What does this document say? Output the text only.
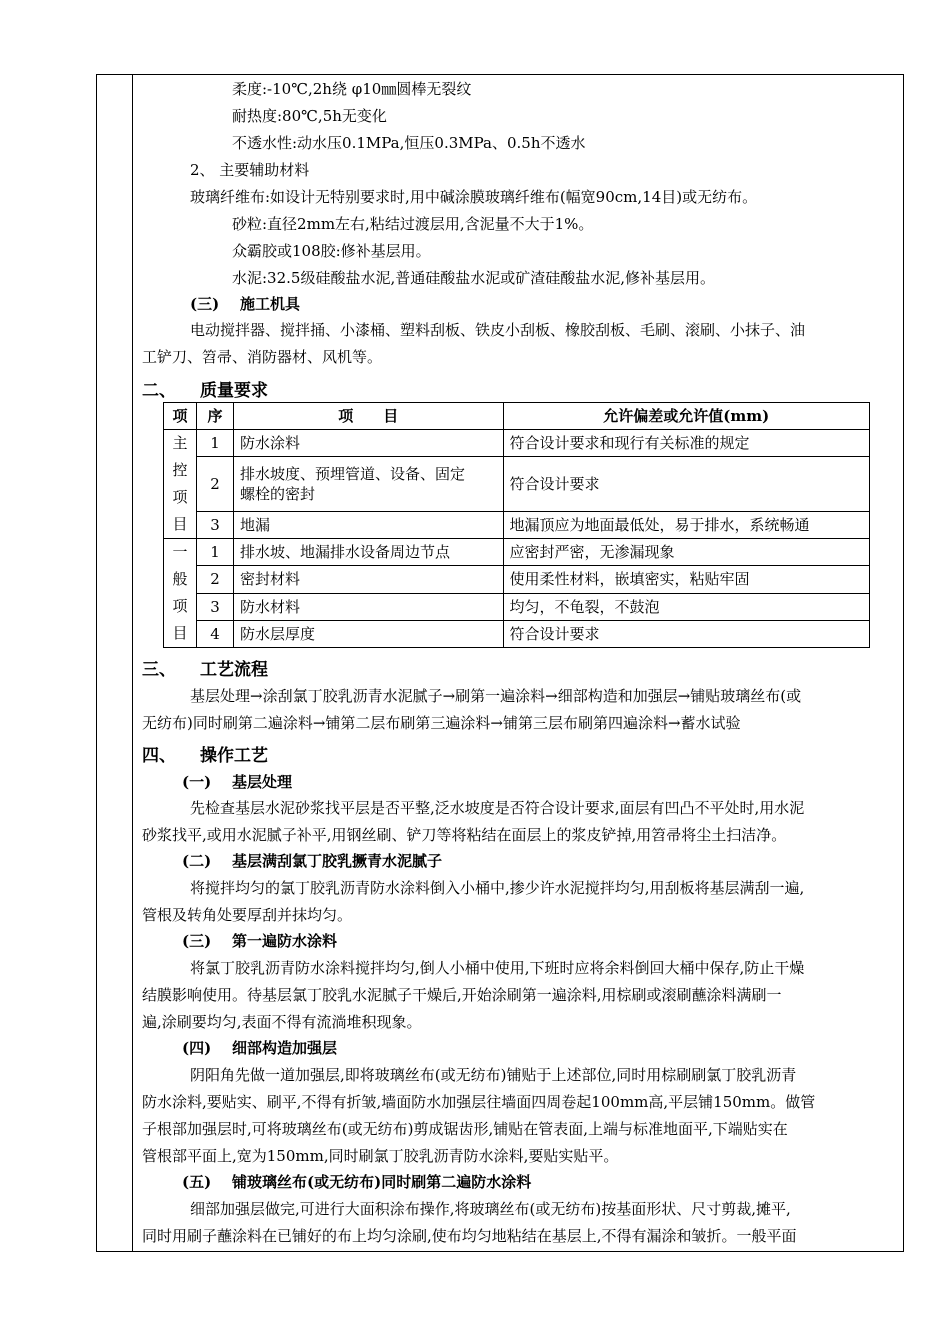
柔度:-10℃,2h绕 φ10㎜圆棒无裂纹
耐热度:80℃,5h无变化
不透水性:动水压0.1MPa,恒压0.3MPa、0.5h不透水
2、 主要辅助材料
玻璃纤维布:如设计无特别要求时,用中碱涂膜玻璃纤维布(幅宽90cm,14目)或无纺布。
砂粒:直径2mm左右,粘结过渡层用,含泥量不大于1%。
众霸胶或108胶:修补基层用。
水泥:32.5级硅酸盐水泥,普通硅酸盐水泥或矿渣硅酸盐水泥,修补基层用。
(三) 施工机具
电动搅拌器、搅拌捅、小漆桶、塑料刮板、铁皮小刮板、橡胶刮板、毛刷、滚刷、小抹子、油
工铲刀、笤帚、消防器材、风机等。
二、 质量要求
项	序	项　　目	允许偏差或允许值(mm)

主
控
项
目	1	防水涂料	符合设计要求和现行有关标准的规定
	2	排水坡度、预埋管道、设备、固定
螺栓的密封	符合设计要求
	3	地漏	地漏顶应为地面最低处，易于排水，系统畅通

一
般
项
目	1	排水坡、地漏排水设备周边节点	应密封严密，无渗漏现象
	2	密封材料	使用柔性材料，嵌填密实，粘贴牢固
	3	防水材料	均匀，不龟裂，不鼓泡
	4	防水层厚度	符合设计要求
三、 工艺流程
基层处理→涂刮氯丁胶乳沥青水泥腻子→刷第一遍涂料→细部构造和加强层→铺贴玻璃丝布(或
无纺布)同时刷第二遍涂料→铺第二层布刷第三遍涂料→铺第三层布刷第四遍涂料→蓄水试验
四、 操作工艺
(一) 基层处理
先检查基层水泥砂浆找平层是否平整,泛水坡度是否符合设计要求,面层有凹凸不平处时,用水泥
砂浆找平,或用水泥腻子补平,用钢丝刷、铲刀等将粘结在面层上的浆皮铲掉,用笤帚将尘土扫洁净。
(二) 基层满刮氯丁胶乳撅青水泥腻子
将搅拌均匀的氯丁胶乳沥青防水涂料倒入小桶中,掺少许水泥搅拌均匀,用刮板将基层满刮一遍,
管根及转角处要厚刮并抹均匀。
(三) 第一遍防水涂料
将氯丁胶乳沥青防水涂料搅拌均匀,倒人小桶中使用,下班时应将余料倒回大桶中保存,防止干燥
结膜影响使用。待基层氯丁胶乳水泥腻子干燥后,开始涂刷第一遍涂料,用棕刷或滚刷蘸涂料满刷一
遍,涂刷要均匀,表面不得有流淌堆积现象。
(四) 细部构造加强层
阴阳角先做一道加强层,即将玻璃丝布(或无纺布)铺贴于上述部位,同时用棕刷刷氯丁胶乳沥青
防水涂料,要贴实、刷平,不得有折皱,墙面防水加强层往墙面四周卷起100mm高,平层铺150mm。做管
子根部加强层时,可将玻璃丝布(或无纺布)剪成锯齿形,铺贴在管表面,上端与标准地面平,下端贴实在
管根部平面上,宽为150mm,同时刷氯丁胶乳沥青防水涂料,要贴实贴平。
(五) 铺玻璃丝布(或无纺布)同时刷第二遍防水涂料
细部加强层做完,可进行大面积涂布操作,将玻璃丝布(或无纺布)按基面形状、尺寸剪裁,摊平,
同时用刷子蘸涂料在已铺好的布上均匀涂刷,使布均匀地粘结在基层上,不得有漏涂和皱折。一般平面
